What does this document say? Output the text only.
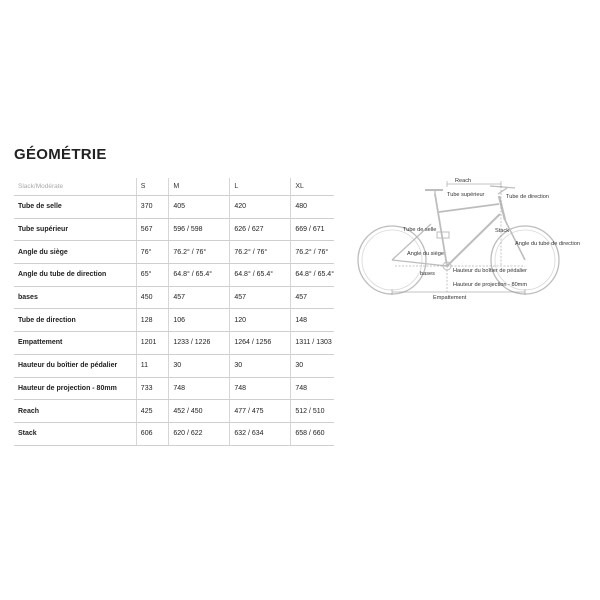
GÉOMÉTRIE
Slack/Modérate	S	M	L	XL
Tube de selle	370	405	420	480
Tube supérieur	567	596 / 598	626 / 627	669 / 671
Angle du siège	76°	76.2° / 76°	76.2° / 76°	76.2° / 76°
Angle du tube de direction	65°	64.8° / 65.4°	64.8° / 65.4°	64.8° / 65.4°
bases	450	457	457	457
Tube de direction	128	106	120	148
Empattement	1201	1233 / 1226	1264 / 1256	1311 / 1303
Hauteur du boîtier de pédalier	11	30	30	30
Hauteur de projection - 80mm	733	748	748	748
Reach	425	452 / 450	477 / 475	512 / 510
Stack	606	620 / 622	632 / 634	658 / 660
Reach
Tube supérieur	Tube de direction
Tube de selle	Stack
Angle du tube de direction
Angle du siège
Hauteur du boîtier de pédalier
bases
Hauteur de projection - 80mm
Empattement
